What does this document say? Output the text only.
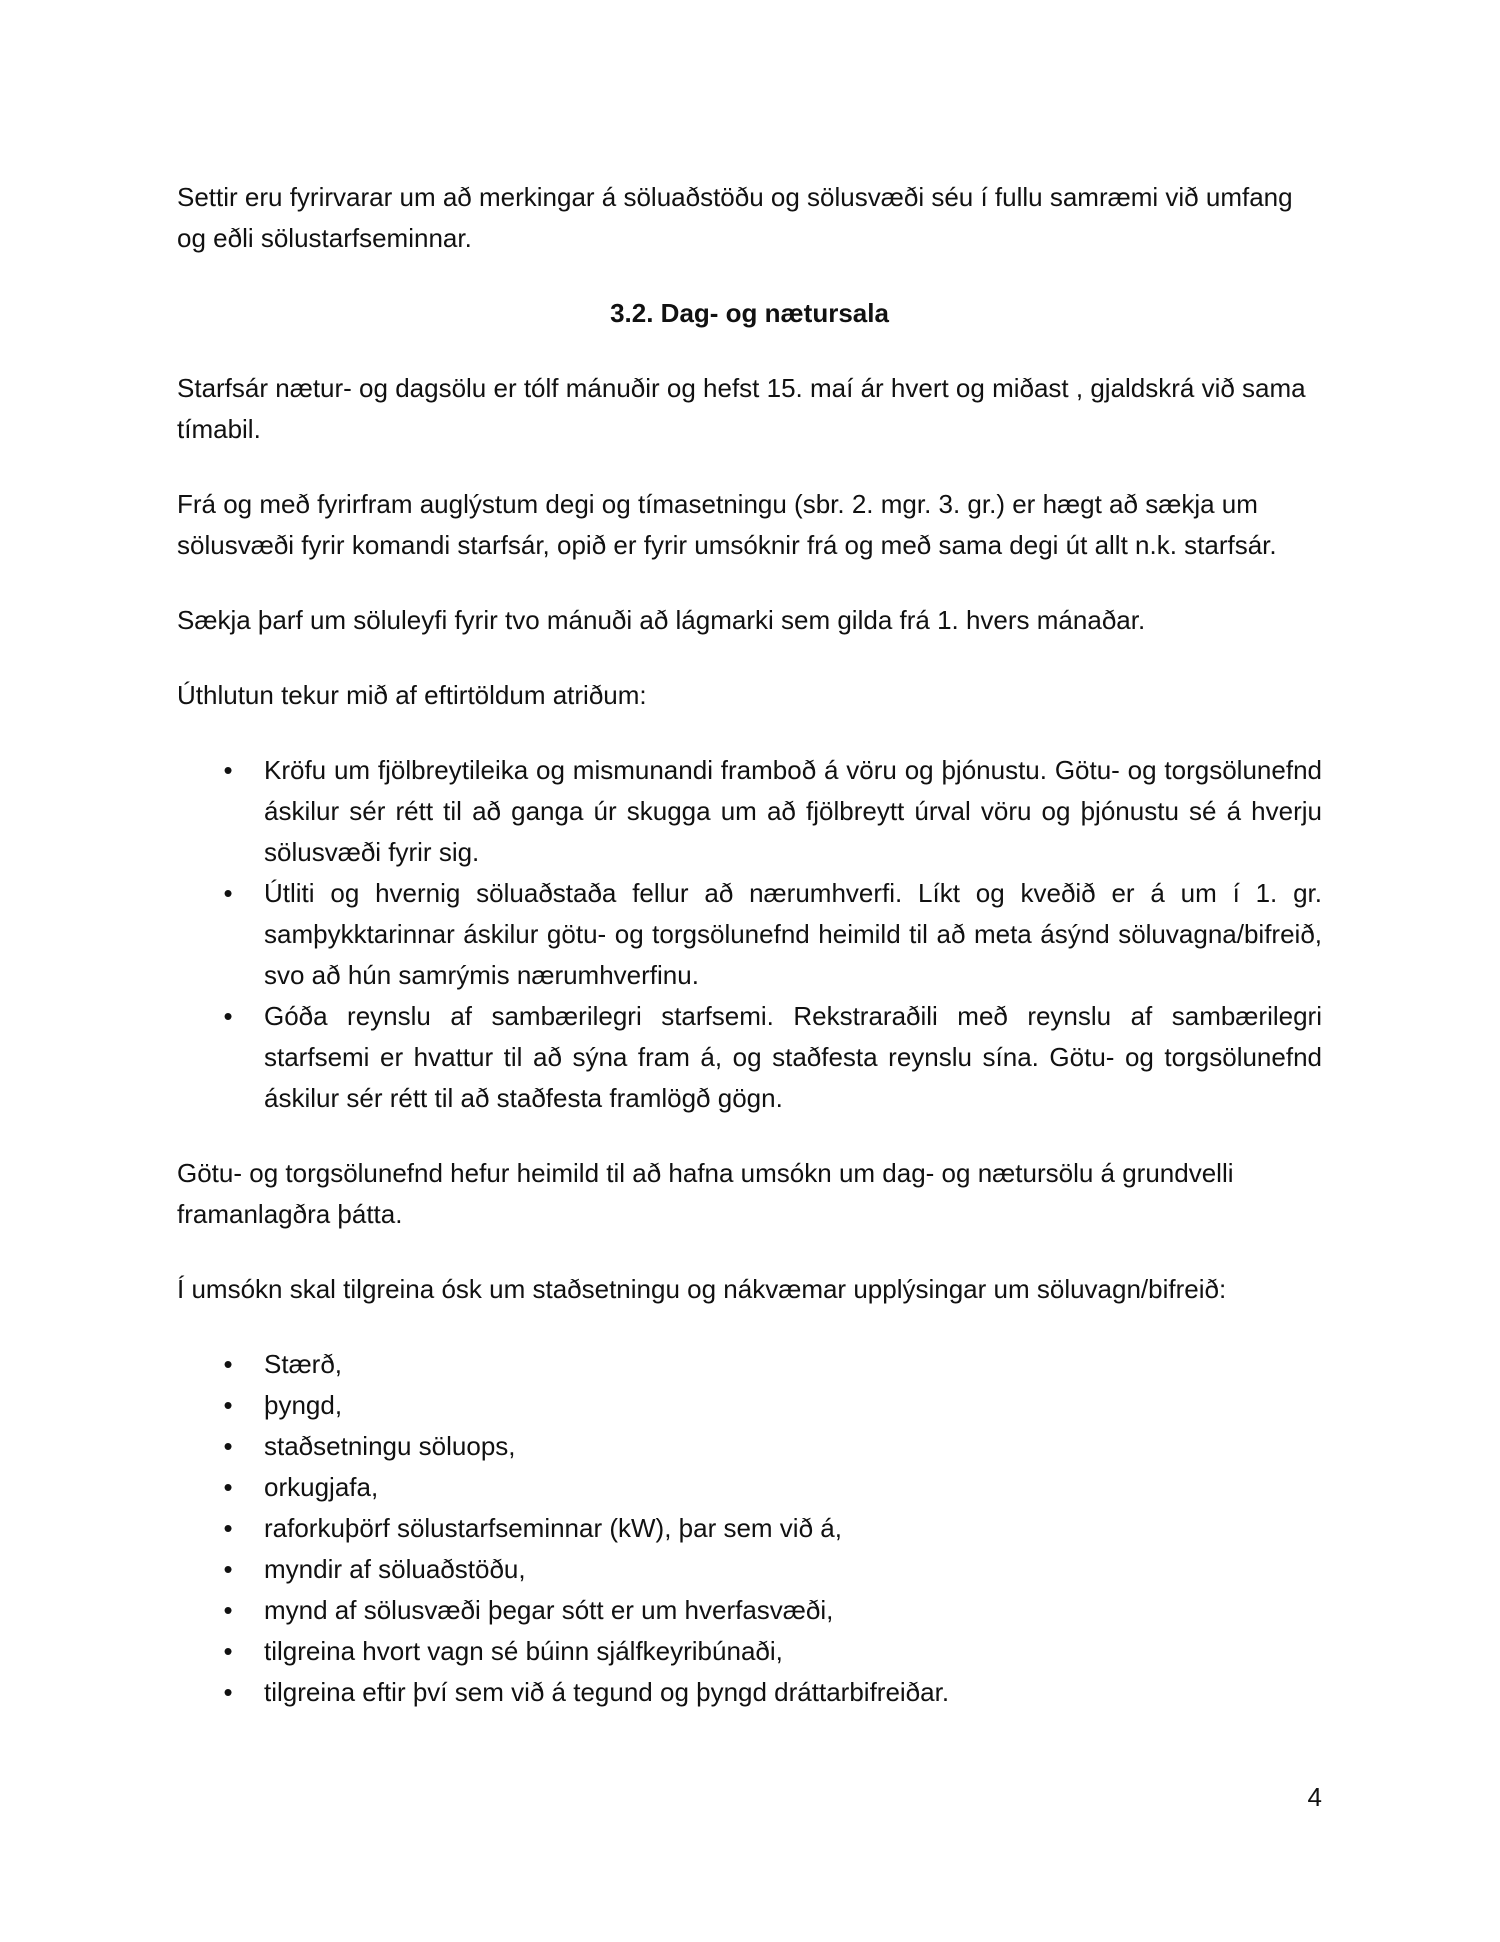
Settir eru fyrirvarar um að merkingar á söluaðstöðu og sölusvæði séu í fullu samræmi við umfang og eðli sölustarfseminnar.

3.2. Dag- og nætursala

Starfsár nætur- og dagsölu er tólf mánuðir og hefst 15. maí ár hvert og miðast , gjaldskrá við sama tímabil.

Frá og með fyrirfram auglýstum degi og tímasetningu (sbr. 2. mgr. 3. gr.) er hægt að sækja um sölusvæði fyrir komandi starfsár, opið er fyrir umsóknir frá og með sama degi út allt n.k. starfsár.

Sækja þarf um söluleyfi fyrir tvo mánuði að lágmarki sem gilda frá 1. hvers mánaðar.

Úthlutun tekur mið af eftirtöldum atriðum:

• Kröfu um fjölbreytileika og mismunandi framboð á vöru og þjónustu. Götu- og torgsölunefnd áskilur sér rétt til að ganga úr skugga um að fjölbreytt úrval vöru og þjónustu sé á hverju sölusvæði fyrir sig.
• Útliti og hvernig söluaðstaða fellur að nærumhverfi. Líkt og kveðið er á um í 1. gr. samþykktarinnar áskilur götu- og torgsölunefnd heimild til að meta ásýnd söluvagna/bifreið, svo að hún samrýmis nærumhverfinu.
• Góða reynslu af sambærilegri starfsemi. Rekstraraðili með reynslu af sambærilegri starfsemi er hvattur til að sýna fram á, og staðfesta reynslu sína. Götu- og torgsölunefnd áskilur sér rétt til að staðfesta framlögð gögn.

Götu- og torgsölunefnd hefur heimild til að hafna umsókn um dag- og nætursölu á grundvelli framanlagðra þátta.

Í umsókn skal tilgreina ósk um staðsetningu og nákvæmar upplýsingar um söluvagn/bifreið:

• Stærð,
• þyngd,
• staðsetningu söluops,
• orkugjafa,
• raforkuþörf sölustarfseminnar (kW), þar sem við á,
• myndir af söluaðstöðu,
• mynd af sölusvæði þegar sótt er um hverfasvæði,
• tilgreina hvort vagn sé búinn sjálfkeyribúnaði,
• tilgreina eftir því sem við á tegund og þyngd dráttarbifreiðar.
4
